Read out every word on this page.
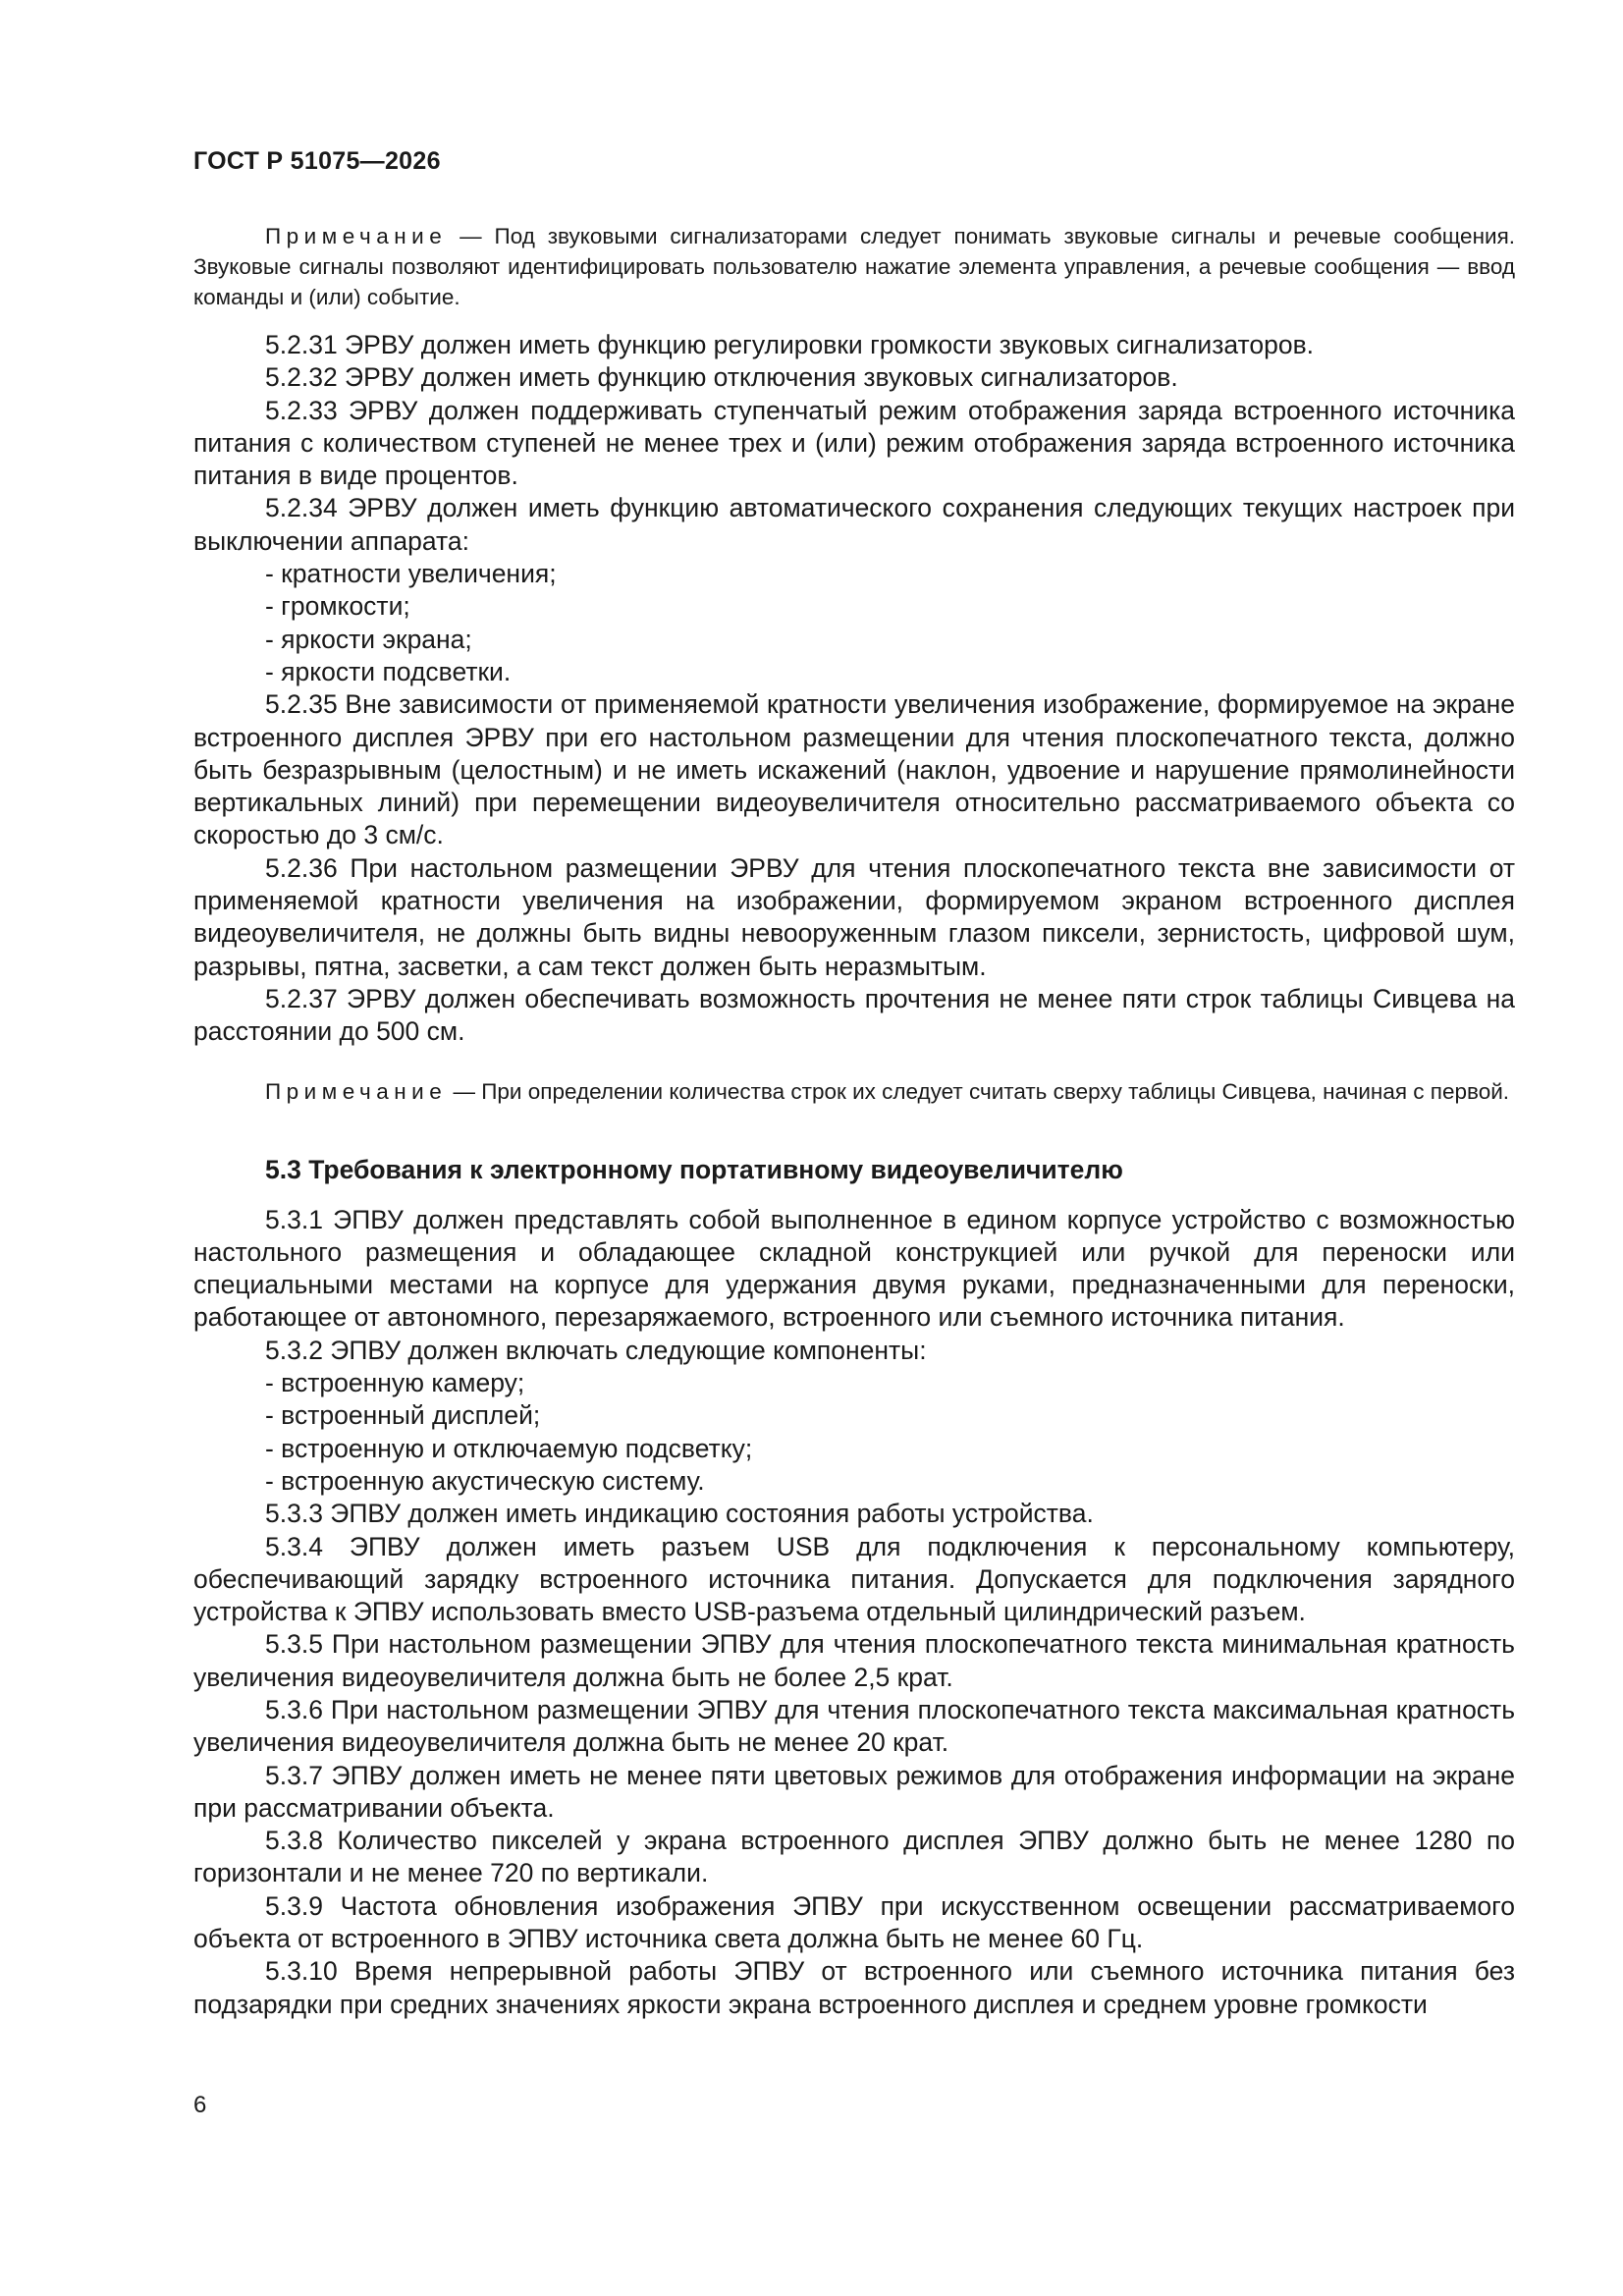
ГОСТ Р 51075—2026

Примечание — Под звуковыми сигнализаторами следует понимать звуковые сигналы и речевые сообщения. Звуковые сигналы позволяют идентифицировать пользователю нажатие элемента управления, а речевые сообщения — ввод команды и (или) событие.

5.2.31 ЭРВУ должен иметь функцию регулировки громкости звуковых сигнализаторов.

5.2.32 ЭРВУ должен иметь функцию отключения звуковых сигнализаторов.

5.2.33 ЭРВУ должен поддерживать ступенчатый режим отображения заряда встроенного источника питания с количеством ступеней не менее трех и (или) режим отображения заряда встроенного источника питания в виде процентов.

5.2.34 ЭРВУ должен иметь функцию автоматического сохранения следующих текущих настроек при выключении аппарата:

- кратности увеличения;

- громкости;

- яркости экрана;

- яркости подсветки.

5.2.35 Вне зависимости от применяемой кратности увеличения изображение, формируемое на экране встроенного дисплея ЭРВУ при его настольном размещении для чтения плоскопечатного текста, должно быть безразрывным (целостным) и не иметь искажений (наклон, удвоение и нарушение прямолинейности вертикальных линий) при перемещении видеоувеличителя относительно рассматриваемого объекта со скоростью до 3 см/с.

5.2.36 При настольном размещении ЭРВУ для чтения плоскопечатного текста вне зависимости от применяемой кратности увеличения на изображении, формируемом экраном встроенного дисплея видеоувеличителя, не должны быть видны невооруженным глазом пиксели, зернистость, цифровой шум, разрывы, пятна, засветки, а сам текст должен быть неразмытым.

5.2.37 ЭРВУ должен обеспечивать возможность прочтения не менее пяти строк таблицы Сивцева на расстоянии до 500 см.

Примечание — При определении количества строк их следует считать сверху таблицы Сивцева, начиная с первой.

5.3 Требования к электронному портативному видеоувеличителю

5.3.1 ЭПВУ должен представлять собой выполненное в едином корпусе устройство с возможностью настольного размещения и обладающее складной конструкцией или ручкой для переноски или специальными местами на корпусе для удержания двумя руками, предназначенными для переноски, работающее от автономного, перезаряжаемого, встроенного или съемного источника питания.

5.3.2 ЭПВУ должен включать следующие компоненты:

- встроенную камеру;

- встроенный дисплей;

- встроенную и отключаемую подсветку;

- встроенную акустическую систему.

5.3.3 ЭПВУ должен иметь индикацию состояния работы устройства.

5.3.4 ЭПВУ должен иметь разъем USB для подключения к персональному компьютеру, обеспечивающий зарядку встроенного источника питания. Допускается для подключения зарядного устройства к ЭПВУ использовать вместо USB-разъема отдельный цилиндрический разъем.

5.3.5 При настольном размещении ЭПВУ для чтения плоскопечатного текста минимальная кратность увеличения видеоувеличителя должна быть не более 2,5 крат.

5.3.6 При настольном размещении ЭПВУ для чтения плоскопечатного текста максимальная кратность увеличения видеоувеличителя должна быть не менее 20 крат.

5.3.7 ЭПВУ должен иметь не менее пяти цветовых режимов для отображения информации на экране при рассматривании объекта.

5.3.8 Количество пикселей у экрана встроенного дисплея ЭПВУ должно быть не менее 1280 по горизонтали и не менее 720 по вертикали.

5.3.9 Частота обновления изображения ЭПВУ при искусственном освещении рассматриваемого объекта от встроенного в ЭПВУ источника света должна быть не менее 60 Гц.

5.3.10 Время непрерывной работы ЭПВУ от встроенного или съемного источника питания без подзарядки при средних значениях яркости экрана встроенного дисплея и среднем уровне громкости

6
